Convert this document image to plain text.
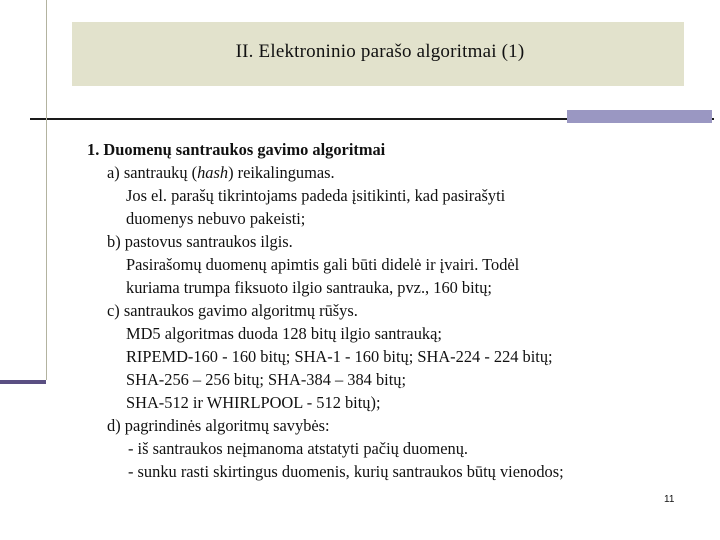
II. Elektroninio parašo algoritmai (1)
1. Duomenų santraukos gavimo algoritmai
a) santraukų (hash) reikalingumas.
Jos el. parašų tikrintojams padeda įsitikinti, kad pasirašyti
duomenys nebuvo pakeisti;
b) pastovus santraukos ilgis.
Pasirašomų duomenų apimtis gali būti didelė ir įvairi. Todėl
kuriama trumpa fiksuoto ilgio santrauka, pvz., 160 bitų;
c) santraukos gavimo algoritmų rūšys.
MD5 algoritmas duoda 128 bitų ilgio santrauką;
RIPEMD-160 - 160 bitų; SHA-1 - 160 bitų; SHA-224 - 224 bitų;
SHA-256 – 256 bitų; SHA-384 – 384 bitų;
SHA-512 ir WHIRLPOOL - 512 bitų);
d) pagrindinės algoritmų savybės:
- iš santraukos neįmanoma atstatyti pačių duomenų.
- sunku rasti skirtingus duomenis, kurių santraukos būtų vienodos;
11
